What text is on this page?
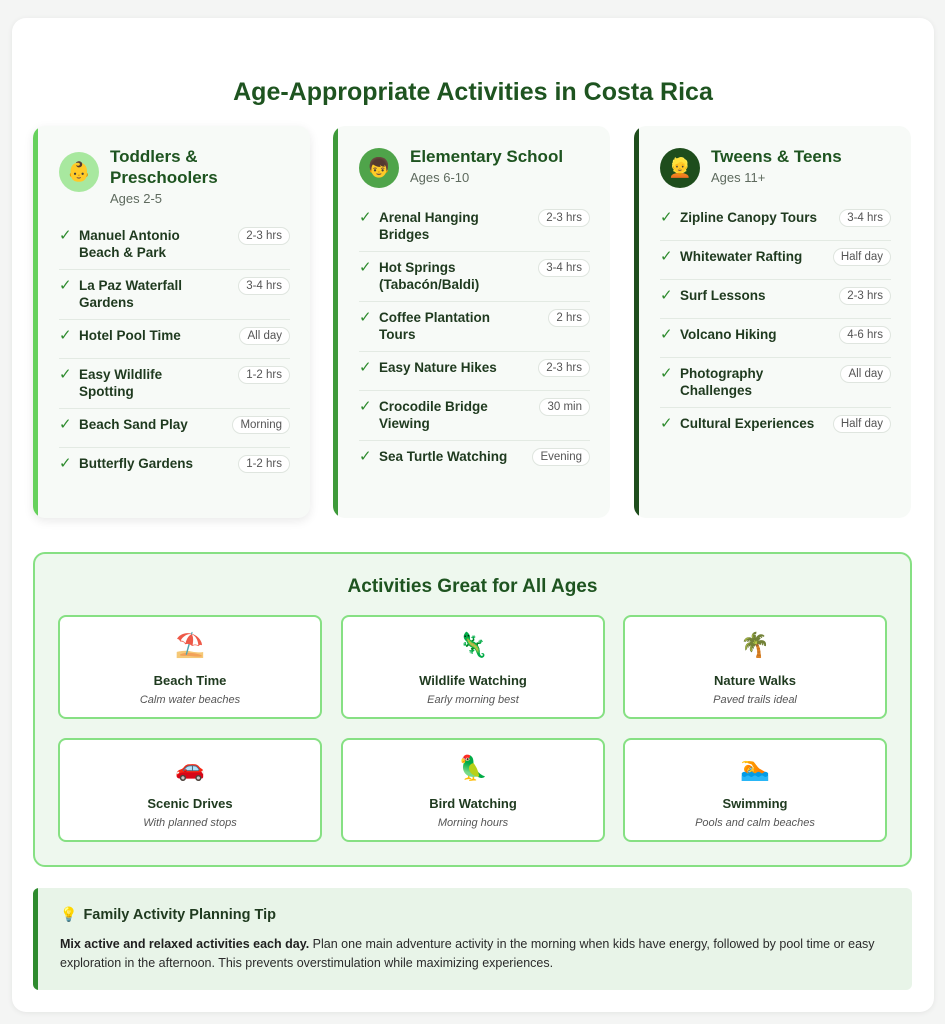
Age-Appropriate Activities in Costa Rica
👶
Toddlers & Preschoolers
Ages 2-5
✓ Manuel Antonio Beach & Park
2-3 hrs
✓ La Paz Waterfall Gardens
3-4 hrs
✓ Hotel Pool Time	All day
✓ Easy Wildlife Spotting
1-2 hrs
✓ Beach Sand Play	Morning
✓ Butterfly Gardens	1-2 hrs
👦
Elementary School
Ages 6-10
✓ Arenal Hanging Bridges
2-3 hrs
✓ Hot Springs (Tabacón/Baldi)
3-4 hrs
✓ Coffee Plantation Tours
2 hrs
✓ Easy Nature Hikes	2-3 hrs
✓ Crocodile Bridge Viewing
30 min
✓ Sea Turtle Watching	Evening
👱
Tweens & Teens
Ages 11+
✓ Zipline Canopy Tours	3-4 hrs
✓ Whitewater Rafting	Half day
✓ Surf Lessons	2-3 hrs
✓ Volcano Hiking	4-6 hrs
✓ Photography Challenges
All day
✓ Cultural Experiences	Half day
Activities Great for All Ages
⛱️
Beach Time
Calm water beaches
🦎
Wildlife Watching
Early morning best
🌴
Nature Walks
Paved trails ideal
🚗
Scenic Drives
With planned stops
🦜
Bird Watching
Morning hours
🏊
Swimming
Pools and calm beaches
💡 Family Activity Planning Tip

Mix active and relaxed activities each day. Plan one main adventure activity in the morning when kids have energy, followed by pool time or easy exploration in the afternoon. This prevents overstimulation while maximizing experiences.
